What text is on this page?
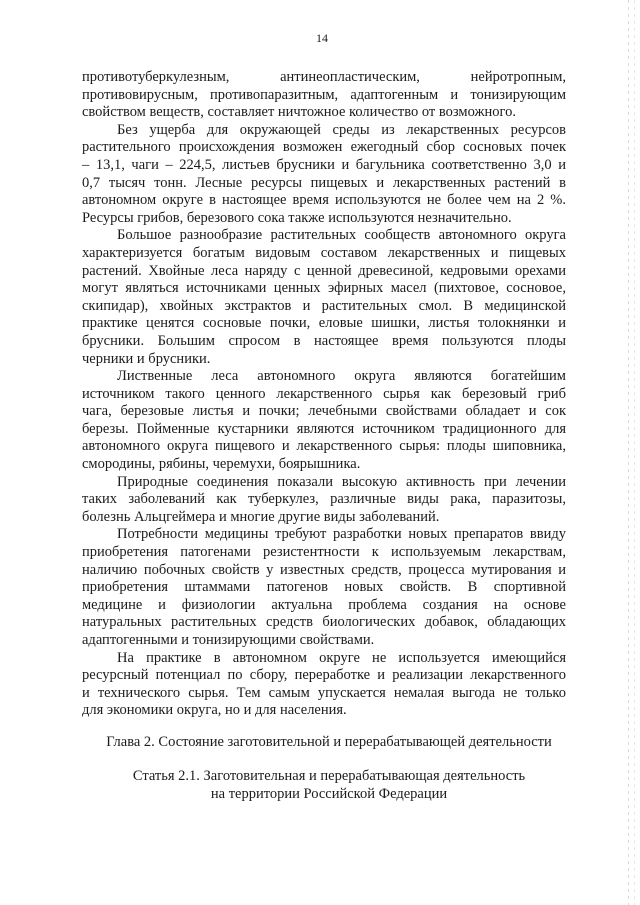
14
противотуберкулезным, антинеопластическим, нейротропным,
противовирусным, противопаразитным, адаптогенным и тонизирующим
свойством веществ, составляет ничтожное количество от возможного.
Без ущерба для окружающей среды из лекарственных ресурсов
растительного происхождения возможен ежегодный сбор сосновых почек
– 13,1, чаги – 224,5, листьев брусники и багульника соответственно 3,0 и
0,7 тысяч тонн. Лесные ресурсы пищевых и лекарственных растений в
автономном округе в настоящее время используются не более чем на 2 %.
Ресурсы грибов, березового сока также используются незначительно.
Большое разнообразие растительных сообществ автономного округа
характеризуется богатым видовым составом лекарственных и пищевых
растений. Хвойные леса наряду с ценной древесиной, кедровыми орехами
могут являться источниками ценных эфирных масел (пихтовое, сосновое,
скипидар), хвойных экстрактов и растительных смол. В медицинской
практике ценятся сосновые почки, еловые шишки, листья толокнянки и
брусники. Большим спросом в настоящее время пользуются плоды
черники и брусники.
Лиственные леса автономного округа являются богатейшим
источником такого ценного лекарственного сырья как березовый гриб
чага, березовые листья и почки; лечебными свойствами обладает и сок
березы. Пойменные кустарники являются источником традиционного для
автономного округа пищевого и лекарственного сырья: плоды шиповника,
смородины, рябины, черемухи, боярышника.
Природные соединения показали высокую активность при лечении
таких заболеваний как туберкулез, различные виды рака, паразитозы,
болезнь Альцгеймера и многие другие виды заболеваний.
Потребности медицины требуют разработки новых препаратов ввиду
приобретения патогенами резистентности к используемым лекарствам,
наличию побочных свойств у известных средств, процесса мутирования и
приобретения штаммами патогенов новых свойств. В спортивной
медицине и физиологии актуальна проблема создания на основе
натуральных растительных средств биологических добавок, обладающих
адаптогенными и тонизирующими свойствами.
На практике в автономном округе не используется имеющийся
ресурсный потенциал по сбору, переработке и реализации лекарственного
и технического сырья. Тем самым упускается немалая выгода не только
для экономики округа, но и для населения.
Глава 2. Состояние заготовительной и перерабатывающей деятельности
Статья 2.1. Заготовительная и перерабатывающая деятельность
на территории Российской Федерации
